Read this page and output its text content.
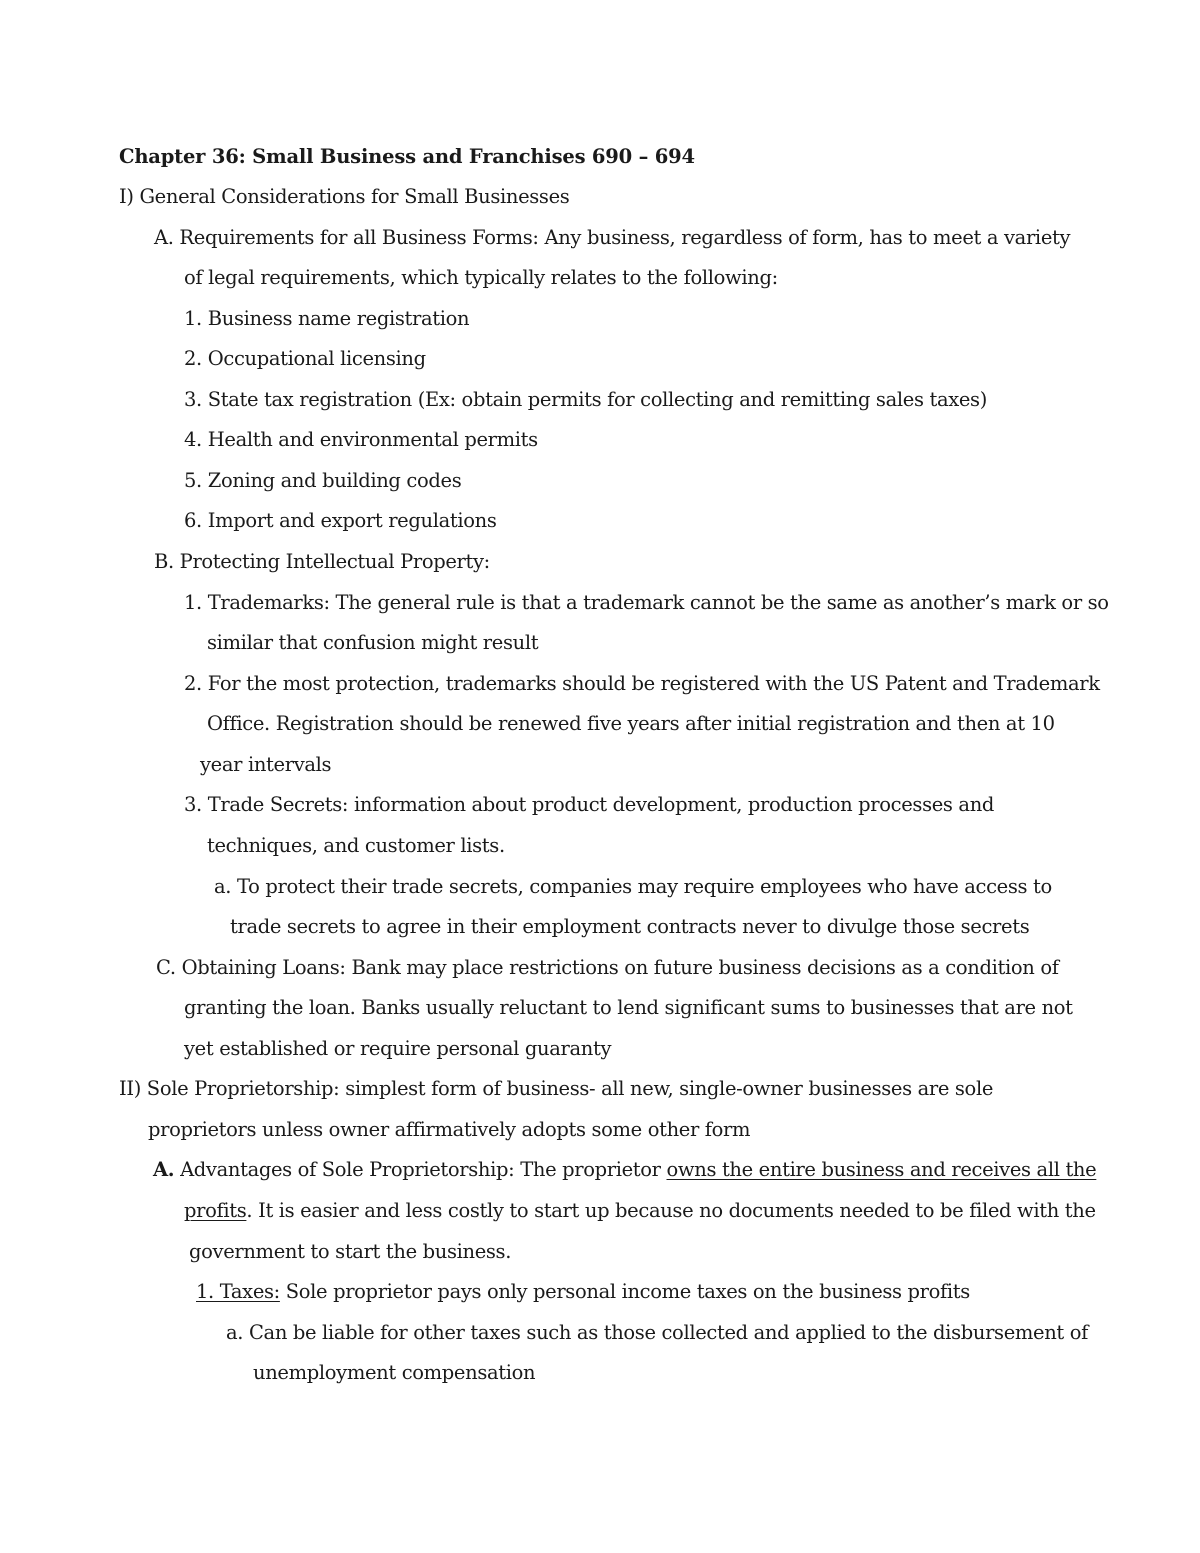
Chapter 36: Small Business and Franchises 690 – 694
I) General Considerations for Small Businesses
A. Requirements for all Business Forms: Any business, regardless of form, has to meet a variety
of legal requirements, which typically relates to the following:
1. Business name registration
2. Occupational licensing
3. State tax registration (Ex: obtain permits for collecting and remitting sales taxes)
4. Health and environmental permits
5. Zoning and building codes
6. Import and export regulations
B. Protecting Intellectual Property:
1. Trademarks: The general rule is that a trademark cannot be the same as another’s mark or so
similar that confusion might result
2. For the most protection, trademarks should be registered with the US Patent and Trademark
Office. Registration should be renewed five years after initial registration and then at 10
year intervals
3. Trade Secrets: information about product development, production processes and
techniques, and customer lists.
a. To protect their trade secrets, companies may require employees who have access to
trade secrets to agree in their employment contracts never to divulge those secrets
C. Obtaining Loans: Bank may place restrictions on future business decisions as a condition of
granting the loan. Banks usually reluctant to lend significant sums to businesses that are not
yet established or require personal guaranty
II) Sole Proprietorship: simplest form of business- all new, single-owner businesses are sole
proprietors unless owner affirmatively adopts some other form
A. Advantages of Sole Proprietorship: The proprietor owns the entire business and receives all the
profits. It is easier and less costly to start up because no documents needed to be filed with the
government to start the business.
1. Taxes: Sole proprietor pays only personal income taxes on the business profits
a. Can be liable for other taxes such as those collected and applied to the disbursement of
unemployment compensation
